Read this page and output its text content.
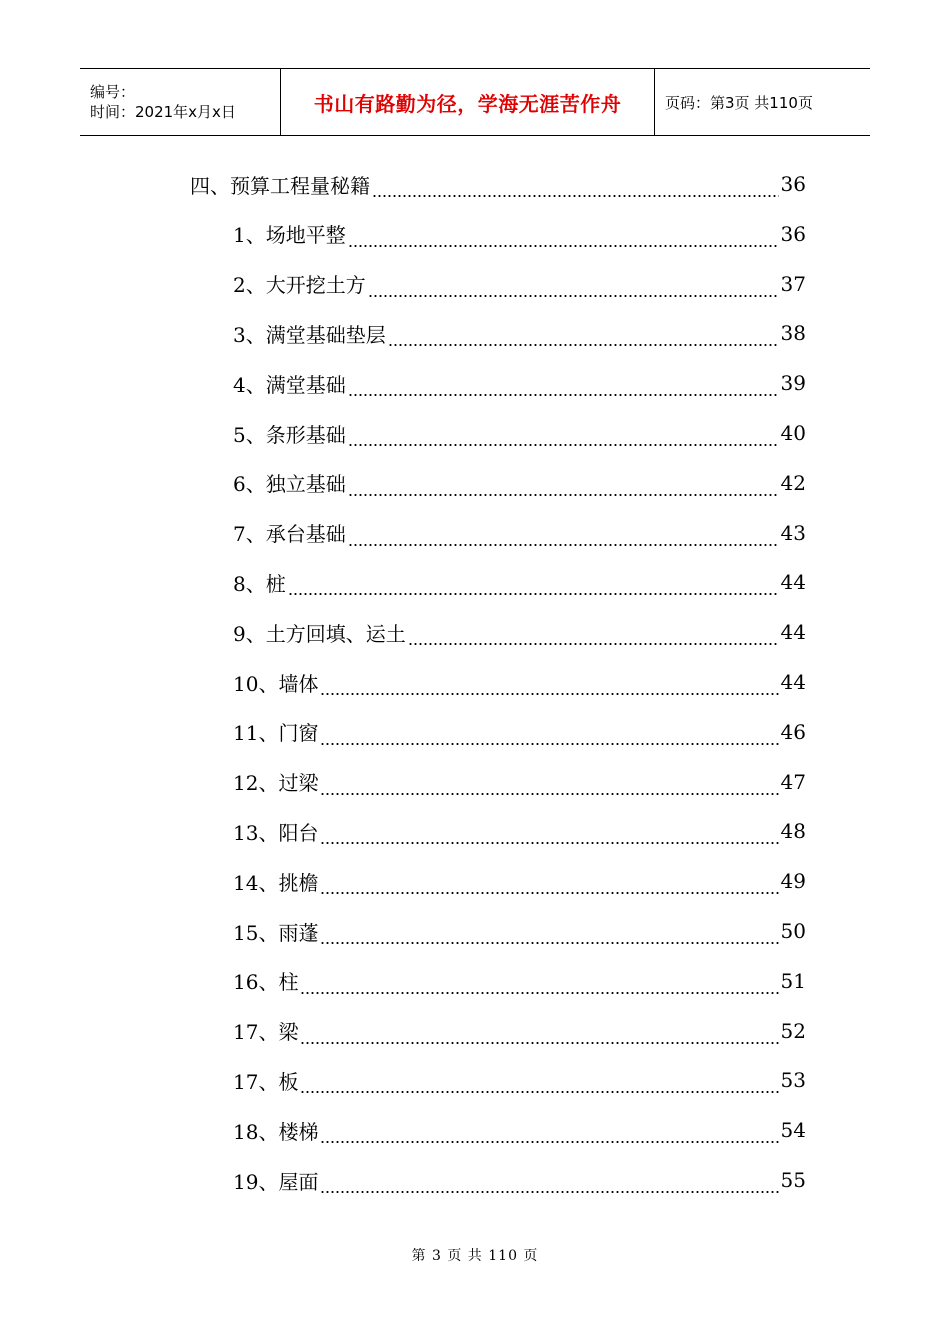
编号：
时间：2021年x月x日	书山有路勤为径，学海无涯苦作舟	页码：第3页 共110页
四、预算工程量秘籍	36
1、场地平整	36
2、大开挖土方	37
3、满堂基础垫层	38
4、满堂基础	39
5、条形基础	40
6、独立基础	42
7、承台基础	43
8、桩	44
9、土方回填、运土	44
10、墙体	44
11、门窗	46
12、过梁	47
13、阳台	48
14、挑檐	49
15、雨蓬	50
16、柱	51
17、梁	52
17、板	53
18、楼梯	54
19、屋面	55
第 3 页 共 110 页
